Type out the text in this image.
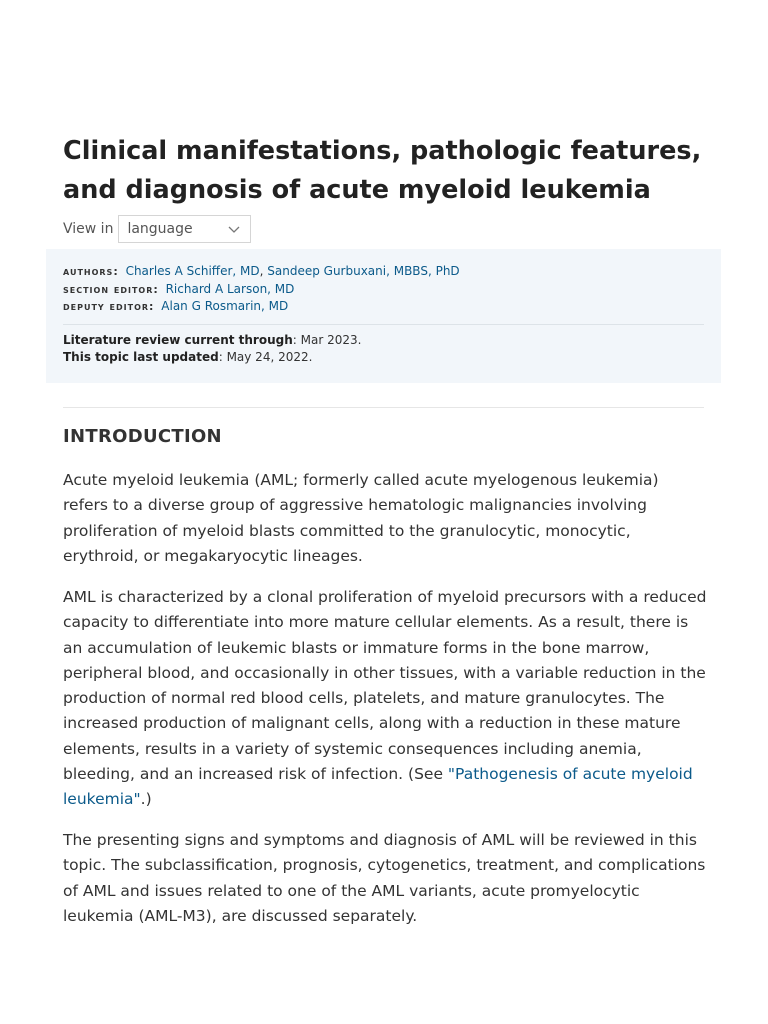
Clinical manifestations, pathologic features, and diagnosis of acute myeloid leukemia
View in language
authors: Charles A Schiffer, MD, Sandeep Gurbuxani, MBBS, PhD
section editor: Richard A Larson, MD
deputy editor: Alan G Rosmarin, MD
Literature review current through: Mar 2023.
This topic last updated: May 24, 2022.
INTRODUCTION

Acute myeloid leukemia (AML; formerly called acute myelogenous leukemia) refers to a diverse group of aggressive hematologic malignancies involving proliferation of myeloid blasts committed to the granulocytic, monocytic, erythroid, or megakaryocytic lineages.

AML is characterized by a clonal proliferation of myeloid precursors with a reduced capacity to differentiate into more mature cellular elements. As a result, there is an accumulation of leukemic blasts or immature forms in the bone marrow, peripheral blood, and occasionally in other tissues, with a variable reduction in the production of normal red blood cells, platelets, and mature granulocytes. The increased production of malignant cells, along with a reduction in these mature elements, results in a variety of systemic consequences including anemia, bleeding, and an increased risk of infection. (See "Pathogenesis of acute myeloid leukemia".)

The presenting signs and symptoms and diagnosis of AML will be reviewed in this topic. The subclassification, prognosis, cytogenetics, treatment, and complications of AML and issues related to one of the AML variants, acute promyelocytic leukemia (AML-M3), are discussed separately.
